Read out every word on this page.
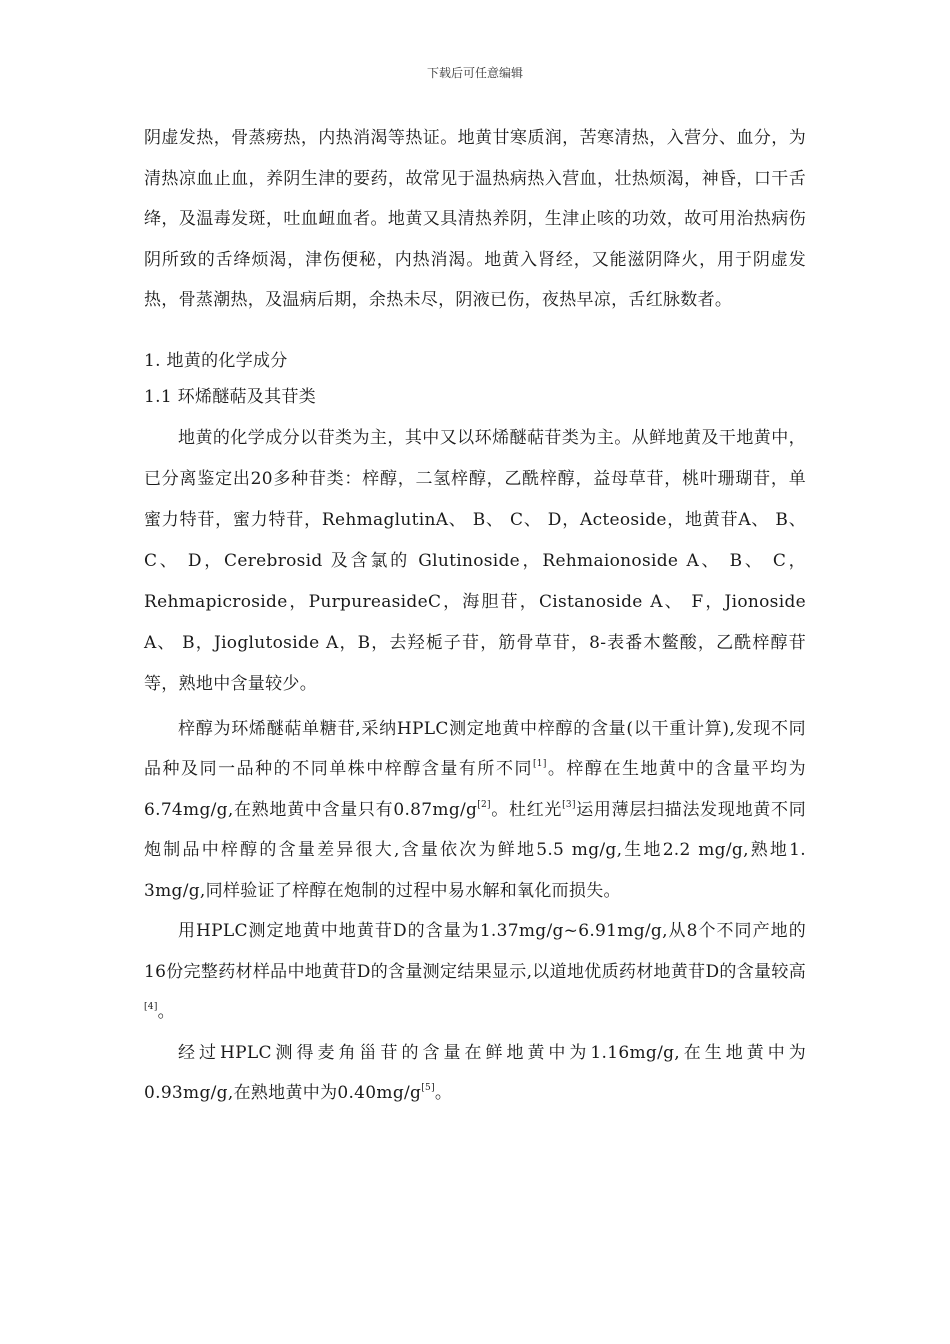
下载后可任意编辑

阴虚发热，骨蒸痨热，内热消渴等热证。地黄甘寒质润，苦寒清热，入营分、血分，为清热凉血止血，养阴生津的要药，故常见于温热病热入营血，壮热烦渴，神昏，口干舌绛，及温毒发斑，吐血衄血者。地黄又具清热养阴，生津止咳的功效，故可用治热病伤阴所致的舌绛烦渴，津伤便秘，内热消渴。地黄入肾经，又能滋阴降火，用于阴虚发热，骨蒸潮热，及温病后期，余热未尽，阴液已伤，夜热早凉，舌红脉数者。

1. 地黄的化学成分

1.1 环烯醚萜及其苷类

地黄的化学成分以苷类为主，其中又以环烯醚萜苷类为主。从鲜地黄及干地黄中，已分离鉴定出20多种苷类：梓醇，二氢梓醇，乙酰梓醇，益母草苷，桃叶珊瑚苷，单蜜力特苷，蜜力特苷，RehmaglutinA、 B、 C、 D，Acteoside，地黄苷A、 B、 C、 D，Cerebrosid 及含氯的 Glutinoside，Rehmaionoside A、 B、 C，Rehmapicroside，PurpureasideC，海胆苷，Cistanoside A、 F，Jionoside A、 B，Jioglutoside A，B，去羟栀子苷，筋骨草苷，8-表番木鳖酸，乙酰梓醇苷等，熟地中含量较少。

梓醇为环烯醚萜单糖苷,采纳HPLC测定地黄中梓醇的含量(以干重计算),发现不同品种及同一品种的不同单株中梓醇含量有所不同[1]。梓醇在生地黄中的含量平均为6.74mg/g,在熟地黄中含量只有0.87mg/g[2]。杜红光[3]运用薄层扫描法发现地黄不同炮制品中梓醇的含量差异很大,含量依次为鲜地5.5 mg/g,生地2.2 mg/g,熟地1. 3mg/g,同样验证了梓醇在炮制的过程中易水解和氧化而损失。

用HPLC测定地黄中地黄苷D的含量为1.37mg/g~6.91mg/g,从8个不同产地的16份完整药材样品中地黄苷D的含量测定结果显示,以道地优质药材地黄苷D的含量较高[4]。

经过HPLC测得麦角甾苷的含量在鲜地黄中为1.16mg/g,在生地黄中为0.93mg/g,在熟地黄中为0.40mg/g[5]。
